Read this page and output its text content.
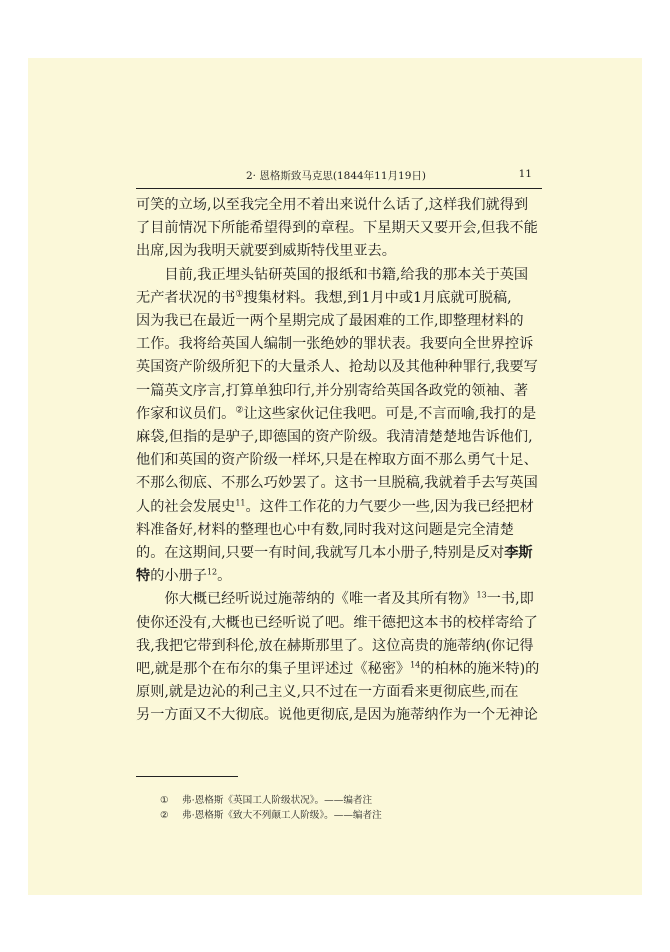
2· 恩格斯致马克思(1844年11月19日)	11

可笑的立场,以至我完全用不着出来说什么话了,这样我们就得到
了目前情况下所能希望得到的章程。下星期天又要开会,但我不能
出席,因为我明天就要到威斯特伐里亚去。

目前,我正埋头钻研英国的报纸和书籍,给我的那本关于英国
无产者状况的书①搜集材料。我想,到1月中或1月底就可脱稿,
因为我已在最近一两个星期完成了最困难的工作,即整理材料的
工作。我将给英国人编制一张绝妙的罪状表。我要向全世界控诉
英国资产阶级所犯下的大量杀人、抢劫以及其他种种罪行,我要写
一篇英文序言,打算单独印行,并分别寄给英国各政党的领袖、著
作家和议员们。②让这些家伙记住我吧。可是,不言而喻,我打的是
麻袋,但指的是驴子,即德国的资产阶级。我清清楚楚地告诉他们,
他们和英国的资产阶级一样坏,只是在榨取方面不那么勇气十足、
不那么彻底、不那么巧妙罢了。这书一旦脱稿,我就着手去写英国
人的社会发展史$^{11}$。这件工作花的力气要少一些,因为我已经把材
料准备好,材料的整理也心中有数,同时我对这问题是完全清楚
的。在这期间,只要一有时间,我就写几本小册子,特别是反对李斯
特的小册子$^{12}$。

你大概已经听说过施蒂纳的《唯一者及其所有物》$^{13}$一书,即
使你还没有,大概也已经听说了吧。维干德把这本书的校样寄给了
我,我把它带到科伦,放在赫斯那里了。这位高贵的施蒂纳(你记得
吧,就是那个在布尔的集子里评述过《秘密》$^{14}$的柏林的施米特)的
原则,就是边沁的利己主义,只不过在一方面看来更彻底些,而在
另一方面又不大彻底。说他更彻底,是因为施蒂纳作为一个无神论

① 弗·恩格斯《英国工人阶级状况》。——编者注
② 弗·恩格斯《致大不列颠工人阶级》。——编者注
